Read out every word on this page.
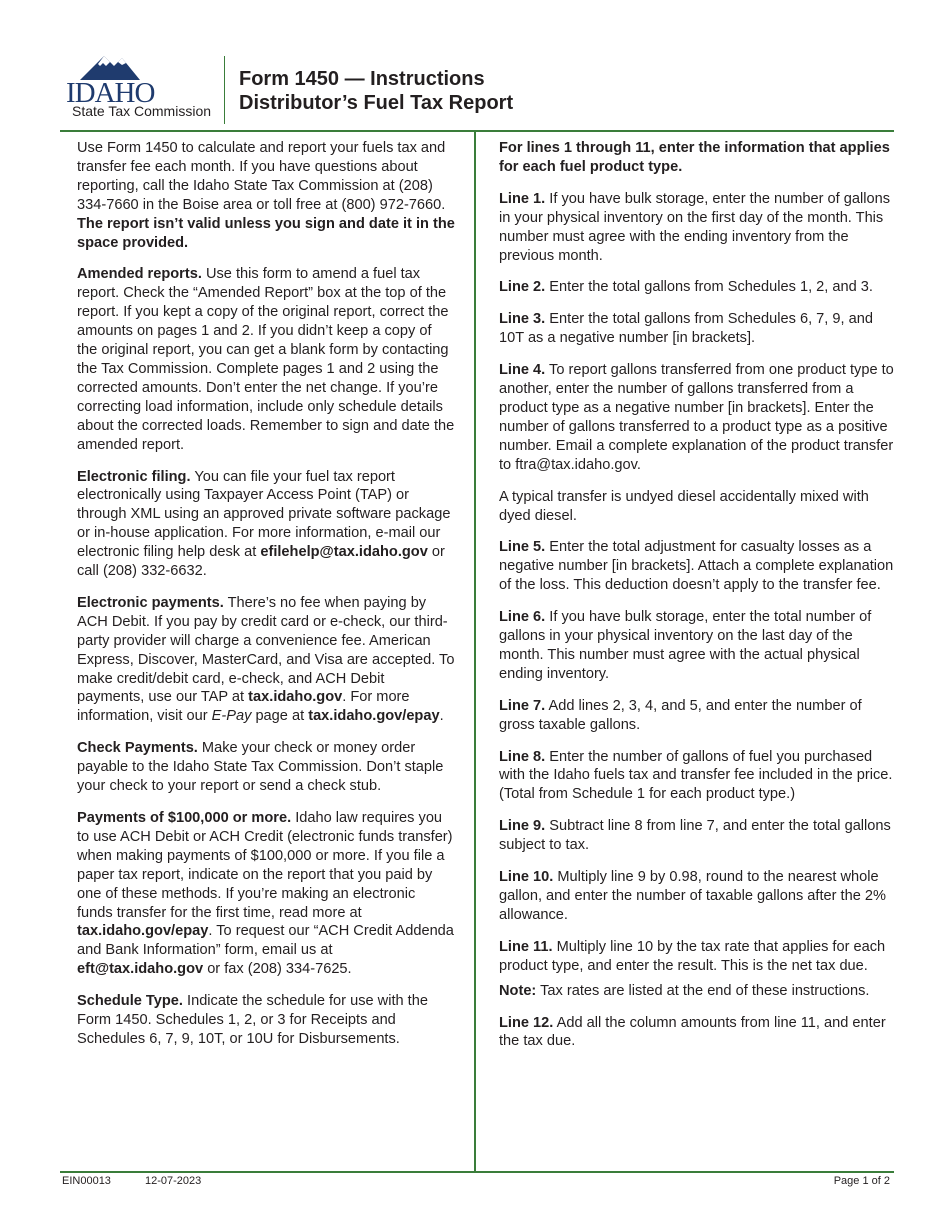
IDAHO
State Tax Commission
Form 1450 — Instructions
Distributor’s Fuel Tax Report

Use Form 1450 to calculate and report your fuels tax and transfer fee each month. If you have questions about reporting, call the Idaho State Tax Commission at (208) 334-7660 in the Boise area or toll free at (800) 972-7660. The report isn’t valid unless you sign and date it in the space provided.

Amended reports. Use this form to amend a fuel tax report. Check the “Amended Report” box at the top of the report. If you kept a copy of the original report, correct the amounts on pages 1 and 2. If you didn’t keep a copy of the original report, you can get a blank form by contacting the Tax Commission. Complete pages 1 and 2 using the corrected amounts. Don’t enter the net change. If you’re correcting load information, include only schedule details about the corrected loads. Remember to sign and date the amended report.

Electronic filing. You can file your fuel tax report electronically using Taxpayer Access Point (TAP) or through XML using an approved private software package or in-house application. For more information, e-mail our electronic filing help desk at efilehelp@tax.idaho.gov or call (208) 332-6632.

Electronic payments. There’s no fee when paying by ACH Debit. If you pay by credit card or e-check, our third-party provider will charge a convenience fee. American Express, Discover, MasterCard, and Visa are accepted. To make credit/debit card, e-check, and ACH Debit payments, use our TAP at tax.idaho.gov. For more information, visit our E-Pay page at tax.idaho.gov/epay.

Check Payments. Make your check or money order payable to the Idaho State Tax Commission. Don’t staple your check to your report or send a check stub.

Payments of $100,000 or more. Idaho law requires you to use ACH Debit or ACH Credit (electronic funds transfer) when making payments of $100,000 or more. If you file a paper tax report, indicate on the report that you paid by one of these methods. If you’re making an electronic funds transfer for the first time, read more at tax.idaho.gov/epay. To request our “ACH Credit Addenda and Bank Information” form, email us at eft@tax.idaho.gov or fax (208) 334-7625.

Schedule Type. Indicate the schedule for use with the Form 1450. Schedules 1, 2, or 3 for Receipts and Schedules 6, 7, 9, 10T, or 10U for Disbursements.

For lines 1 through 11, enter the information that applies for each fuel product type.

Line 1. If you have bulk storage, enter the number of gallons in your physical inventory on the first day of the month. This number must agree with the ending inventory from the previous month.

Line 2. Enter the total gallons from Schedules 1, 2, and 3.

Line 3. Enter the total gallons from Schedules 6, 7, 9, and 10T as a negative number [in brackets].

Line 4. To report gallons transferred from one product type to another, enter the number of gallons transferred from a product type as a negative number [in brackets]. Enter the number of gallons transferred to a product type as a positive number. Email a complete explanation of the product transfer to ftra@tax.idaho.gov.

A typical transfer is undyed diesel accidentally mixed with dyed diesel.

Line 5. Enter the total adjustment for casualty losses as a negative number [in brackets]. Attach a complete explanation of the loss. This deduction doesn’t apply to the transfer fee.

Line 6. If you have bulk storage, enter the total number of gallons in your physical inventory on the last day of the month. This number must agree with the actual physical ending inventory.

Line 7. Add lines 2, 3, 4, and 5, and enter the number of gross taxable gallons.

Line 8. Enter the number of gallons of fuel you purchased with the Idaho fuels tax and transfer fee included in the price. (Total from Schedule 1 for each product type.)

Line 9. Subtract line 8 from line 7, and enter the total gallons subject to tax.

Line 10. Multiply line 9 by 0.98, round to the nearest whole gallon, and enter the number of taxable gallons after the 2% allowance.

Line 11. Multiply line 10 by the tax rate that applies for each product type, and enter the result. This is the net tax due.

Note: Tax rates are listed at the end of these instructions.

Line 12. Add all the column amounts from line 11, and enter the tax due.

EIN00013	12-07-2023	Page 1 of 2
